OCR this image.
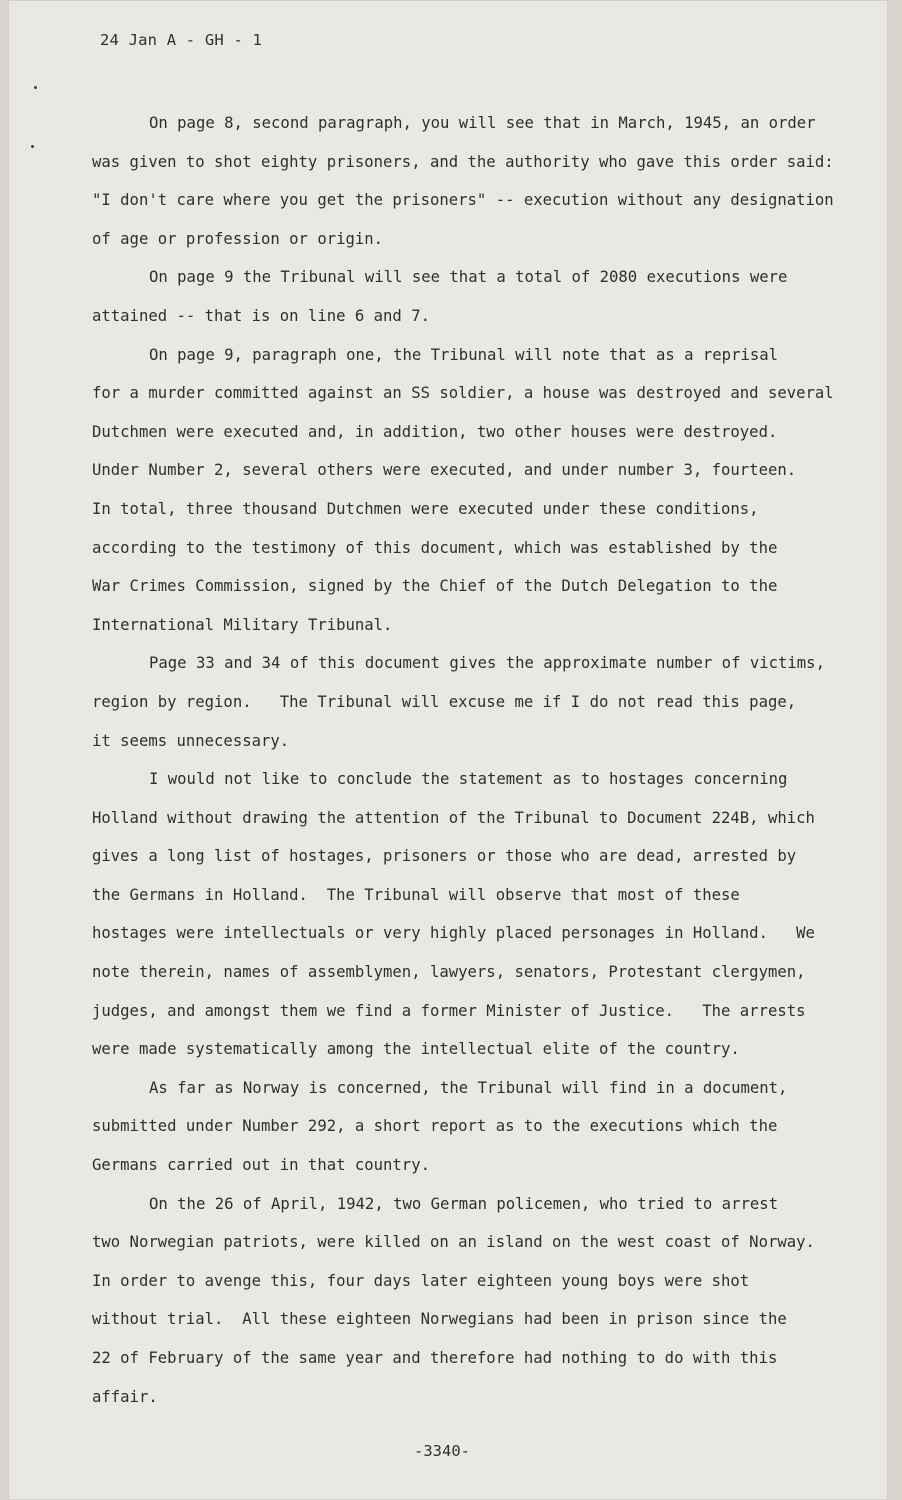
24 Jan A - GH - 1
On page 8, second paragraph, you will see that in March, 1945, an order
was given to shot eighty prisoners, and the authority who gave this order said:
"I don't care where you get the prisoners" -- execution without any designation
of age or profession or origin.
On page 9 the Tribunal will see that a total of 2080 executions were
attained -- that is on line 6 and 7.
On page 9, paragraph one, the Tribunal will note that as a reprisal
for a murder committed against an SS soldier, a house was destroyed and several
Dutchmen were executed and, in addition, two other houses were destroyed.
Under Number 2, several others were executed, and under number 3, fourteen.
In total, three thousand Dutchmen were executed under these conditions,
according to the testimony of this document, which was established by the
War Crimes Commission, signed by the Chief of the Dutch Delegation to the
International Military Tribunal.
Page 33 and 34 of this document gives the approximate number of victims,
region by region.   The Tribunal will excuse me if I do not read this page,
it seems unnecessary.
I would not like to conclude the statement as to hostages concerning
Holland without drawing the attention of the Tribunal to Document 224B, which
gives a long list of hostages, prisoners or those who are dead, arrested by
the Germans in Holland.  The Tribunal will observe that most of these
hostages were intellectuals or very highly placed personages in Holland.   We
note therein, names of assemblymen, lawyers, senators, Protestant clergymen,
judges, and amongst them we find a former Minister of Justice.   The arrests
were made systematically among the intellectual elite of the country.
As far as Norway is concerned, the Tribunal will find in a document,
submitted under Number 292, a short report as to the executions which the
Germans carried out in that country.
On the 26 of April, 1942, two German policemen, who tried to arrest
two Norwegian patriots, were killed on an island on the west coast of Norway.
In order to avenge this, four days later eighteen young boys were shot
without trial.  All these eighteen Norwegians had been in prison since the
22 of February of the same year and therefore had nothing to do with this
affair.
-3340-
